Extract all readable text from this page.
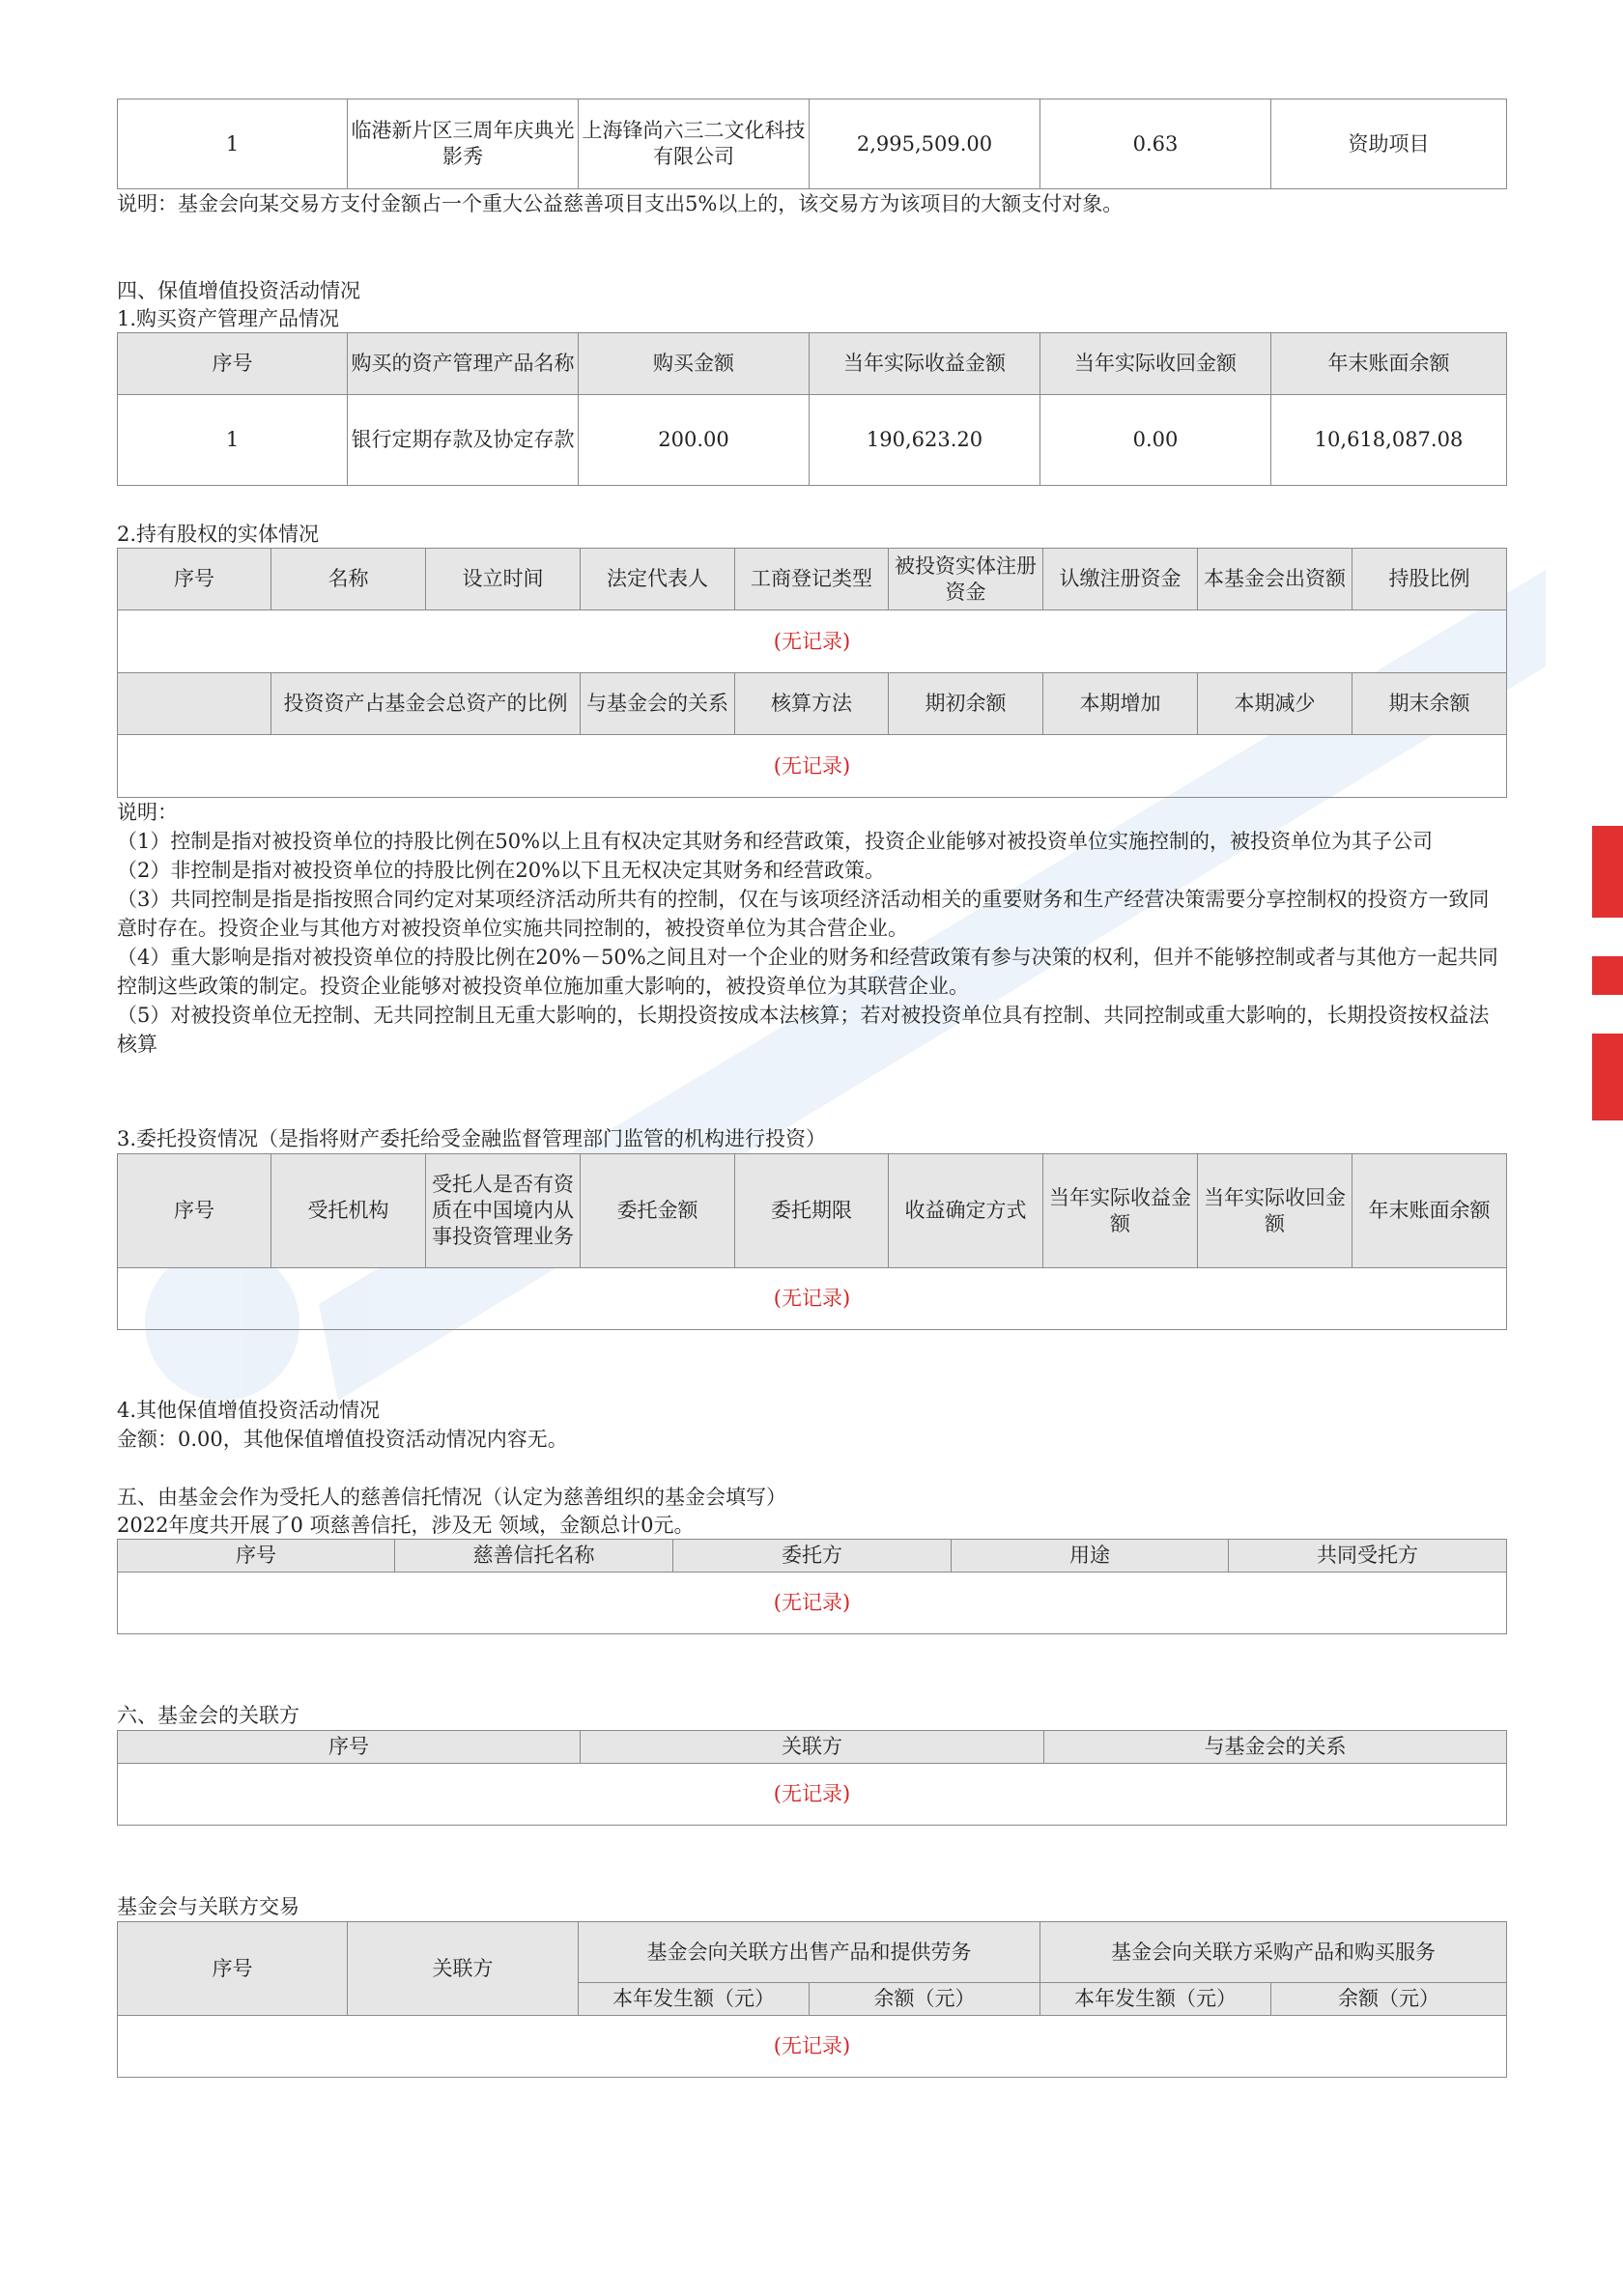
1	临港新片区三周年庆典光影秀	上海锋尚六三二文化科技有限公司	2,995,509.00	0.63	资助项目
说明：基金会向某交易方支付金额占一个重大公益慈善项目支出5%以上的，该交易方为该项目的大额支付对象。
四、保值增值投资活动情况
1.购买资产管理产品情况
序号	购买的资产管理产品名称	购买金额	当年实际收益金额	当年实际收回金额	年末账面余额
1	银行定期存款及协定存款	200.00	190,623.20	0.00	10,618,087.08
2.持有股权的实体情况
序号	名称	设立时间	法定代表人	工商登记类型	被投资实体注册资金	认缴注册资金	本基金会出资额	持股比例
(无记录)								
	投资资产占基金会总资产的比例		与基金会的关系	核算方法	期初余额	本期增加	本期减少	期末余额
(无记录)								
说明：
（1）控制是指对被投资单位的持股比例在50%以上且有权决定其财务和经营政策，投资企业能够对被投资单位实施控制的，被投资单位为其子公司
（2）非控制是指对被投资单位的持股比例在20%以下且无权决定其财务和经营政策。
（3）共同控制是指是指按照合同约定对某项经济活动所共有的控制，仅在与该项经济活动相关的重要财务和生产经营决策需要分享控制权的投资方一致同意时存在。投资企业与其他方对被投资单位实施共同控制的，被投资单位为其合营企业。
（4）重大影响是指对被投资单位的持股比例在20%－50%之间且对一个企业的财务和经营政策有参与决策的权利，但并不能够控制或者与其他方一起共同控制这些政策的制定。投资企业能够对被投资单位施加重大影响的，被投资单位为其联营企业。
（5）对被投资单位无控制、无共同控制且无重大影响的，长期投资按成本法核算；若对被投资单位具有控制、共同控制或重大影响的，长期投资按权益法核算
3.委托投资情况（是指将财产委托给受金融监督管理部门监管的机构进行投资）
序号	受托机构	受托人是否有资质在中国境内从事投资管理业务	委托金额	委托期限	收益确定方式	当年实际收益金额	当年实际收回金额	年末账面余额
(无记录)
4.其他保值增值投资活动情况
金额：0.00，其他保值增值投资活动情况内容无。
五、由基金会作为受托人的慈善信托情况（认定为慈善组织的基金会填写）
2022年度共开展了0 项慈善信托，涉及无 领域，金额总计0元。
序号	慈善信托名称	委托方	用途	共同受托方
(无记录)
六、基金会的关联方
序号	关联方	与基金会的关系
(无记录)
基金会与关联方交易
序号	关联方	基金会向关联方出售产品和提供劳务		基金会向关联方采购产品和购买服务	
		本年发生额（元）	余额（元）	本年发生额（元）	余额（元）
(无记录)					
